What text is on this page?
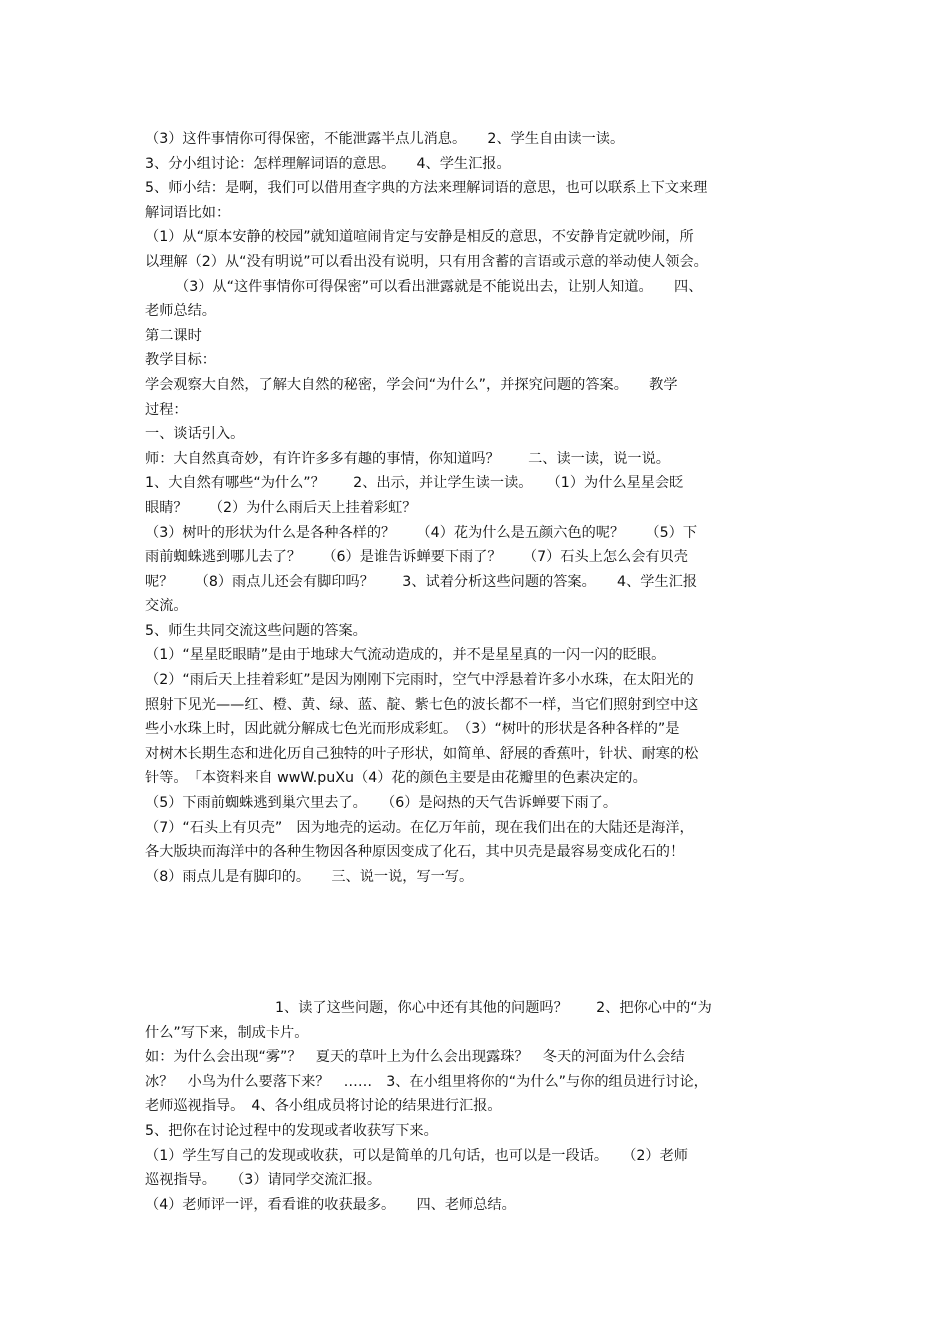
（3）这件事情你可得保密，不能泄露半点儿消息。　　2、学生自由读一读。
3、分小组讨论：怎样理解词语的意思。　　4、学生汇报。
5、师小结：是啊，我们可以借用查字典的方法来理解词语的意思，也可以联系上下文来理
解词语比如：
（1）从“原本安静的校园”就知道喧闹肯定与安静是相反的意思，不安静肯定就吵闹，所
以理解（2）从“没有明说”可以看出没有说明，只有用含蓄的言语或示意的举动使人领会。
（3）从“这件事情你可得保密”可以看出泄露就是不能说出去，让别人知道。　　四、
老师总结。
第二课时
教学目标：
学会观察大自然，了解大自然的秘密，学会问“为什么”，并探究问题的答案。　　教学
过程：
一、谈话引入。
师：大自然真奇妙，有许许多多有趣的事情，你知道吗？　　二、读一读，说一说。
1、大自然有哪些“为什么”？　　2、出示，并让学生读一读。　　（1）为什么星星会眨
眼睛？　　（2）为什么雨后天上挂着彩虹？
（3）树叶的形状为什么是各种各样的？　　（4）花为什么是五颜六色的呢？　　（5）下
雨前蜘蛛逃到哪儿去了？　　（6）是谁告诉蝉要下雨了？　　（7）石头上怎么会有贝壳
呢？　　（8）雨点儿还会有脚印吗？　　3、试着分析这些问题的答案。　　4、学生汇报
交流。
5、师生共同交流这些问题的答案。
（1）“星星眨眼睛”是由于地球大气流动造成的，并不是星星真的一闪一闪的眨眼。
（2）“雨后天上挂着彩虹”是因为刚刚下完雨时，空气中浮悬着许多小水珠，在太阳光的
照射下见光——红、橙、黄、绿、蓝、靛、紫七色的波长都不一样，当它们照射到空中这
些小水珠上时，因此就分解成七色光而形成彩虹。　（3）“树叶的形状是各种各样的”是
对树木长期生态和进化历自己独特的叶子形状，如简单、舒展的香蕉叶，针状、耐寒的松
针等。　「本资料来自 wwW.puXu（4）花的颜色主要是由花瓣里的色素决定的。
（5）下雨前蜘蛛逃到巢穴里去了。　　（6）是闷热的天气告诉蝉要下雨了。
（7）“石头上有贝壳”　因为地壳的运动。在亿万年前，现在我们出在的大陆还是海洋，
各大版块而海洋中的各种生物因各种原因变成了化石，其中贝壳是最容易变成化石的！
（8）雨点儿是有脚印的。　　三、说一说，写一写。
1、读了这些问题，你心中还有其他的问题吗？　　2、把你心中的“为
什么”写下来，制成卡片。
如：为什么会出现“雾”？　夏天的草叶上为什么会出现露珠？　冬天的河面为什么会结
冰？　小鸟为什么要落下来？　……　3、在小组里将你的“为什么”与你的组员进行讨论，
老师巡视指导。　4、各小组成员将讨论的结果进行汇报。
5、把你在讨论过程中的发现或者收获写下来。
（1）学生写自己的发现或收获，可以是简单的几句话，也可以是一段话。　　（2）老师
巡视指导。　　（3）请同学交流汇报。
（4）老师评一评，看看谁的收获最多。　　四、老师总结。
